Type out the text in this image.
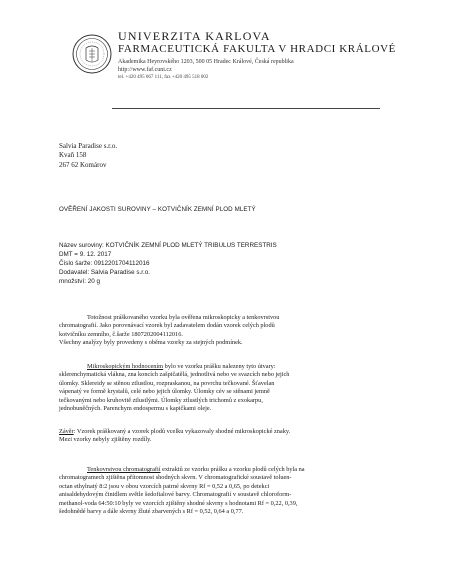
UNIVERZITA KARLOVA
FARMACEUTICKÁ FAKULTA V HRADCI KRÁLOVÉ
Akademika Heyrovského 1203, 500 05 Hradec Králové, Česká republika
http://www.faf.cuni.cz
tel. +420 495 067 111, fax +420 495 518 002
Salvia Paradise s.r.o.
Kvaň 158
267 62 Komárov
OVĚŘENÍ JAKOSTI SUROVINY – KOTVIČNÍK ZEMNÍ PLOD MLETÝ
Název suroviny: KOTVIČNÍK ZEMNÍ PLOD MLETÝ TRIBULUS TERRESTRIS
DMT = 9. 12. 2017
Číslo šarže: 0912201704112016
Dodavatel: Salvia Paradise s.r.o.
množství: 20 g
Totožnost práškovaného vzorku byla ověřena mikroskopicky a tenkovrstvou
chromatografií. Jako porovnávací vzorek byl zadavatelem dodán vzorek celých plodů
kotvičníku zemního, č.šarže 1807202004112016.
Všechny analýzy byly provedeny s oběma vzorky za stejných podmínek.
Mikroskopickým hodnocením bylo ve vzorku prášku nalezeny tyto útvary:
sklerenchymatická vlákna, zna koncích zašpičatělá, jednotlivá nebo ve svazcích nebo jejich
úlomky. Sklereidy se stěnou ztlustlou, rozpraskanou, na povrchu tečkované. Šťavelan
vápenatý ve formě krystalů, celé nebo jejich úlomky. Úlomky cév se stěnami jemně
tečkovanými nebo kruhovitě ztlustlými. Úlomky ztlustlých trichomů z exokarpu,
jednobuněčných. Parenchym endospermu s kapičkami oleje.
Závěr: Vzorek práškovaný a vzorek plodů vcelku vykazovaly shodné mikroskopické znaky.
Mezi vzorky nebyly zjištěny rozdíly.
Tenkovrstvou chromatografií extraktů ze vzorku prášku a vzorku plodů celých byla na
chromatogramech zjištěna přítomnost shodných skvrn. V chromatografické soustavě toluen-
octan ethylnatý 8:2 jsou v obou vzorcích patrné skvrny Rf = 0,52 a 0,65, po detekci
anisaldehydovým činidlem světle šedofialové barvy. Chromatografií v soustavě chloroform-
methanol-voda 64:50:10 byly ve vzorcích zjištěny shodné skvrny s hodnotami Rf = 0,22, 0,39,
šedohnědé barvy a dále skvrny žluté zbarvených s Rf = 0,52, 0,64 a 0,77.
